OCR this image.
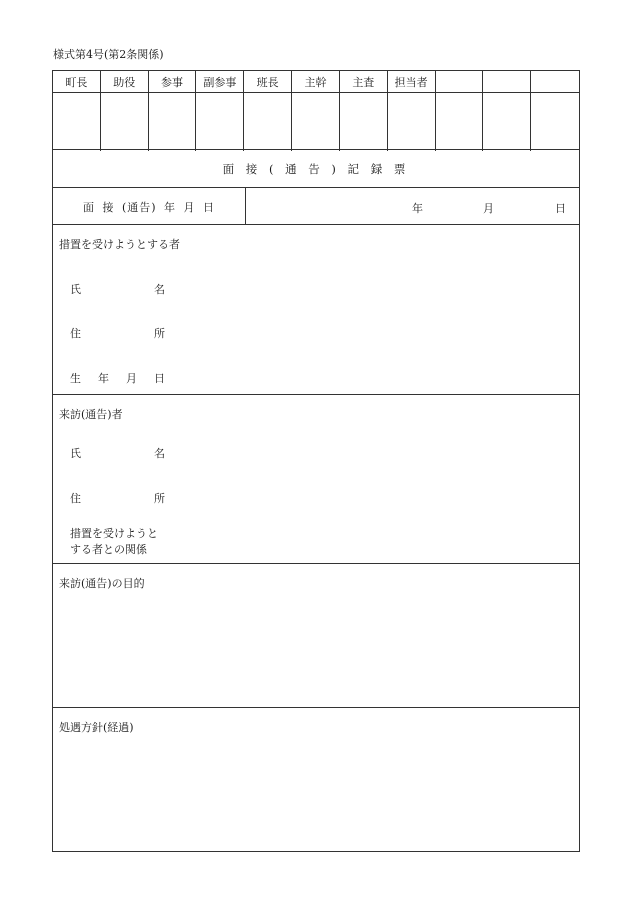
様式第4号(第2条関係)
町長	助役	参事	副参事	班長	主幹	主査	担当者
面 接 ( 通 告 ) 記 録 票
面 接 (通告) 年 月 日	年	月	日
措置を受けようとする者
氏	名
住	所
生 年 月 日
来訪(通告)者
氏	名
住	所
措置を受けようと
する者との関係
来訪(通告)の目的
処遇方針(経過)
